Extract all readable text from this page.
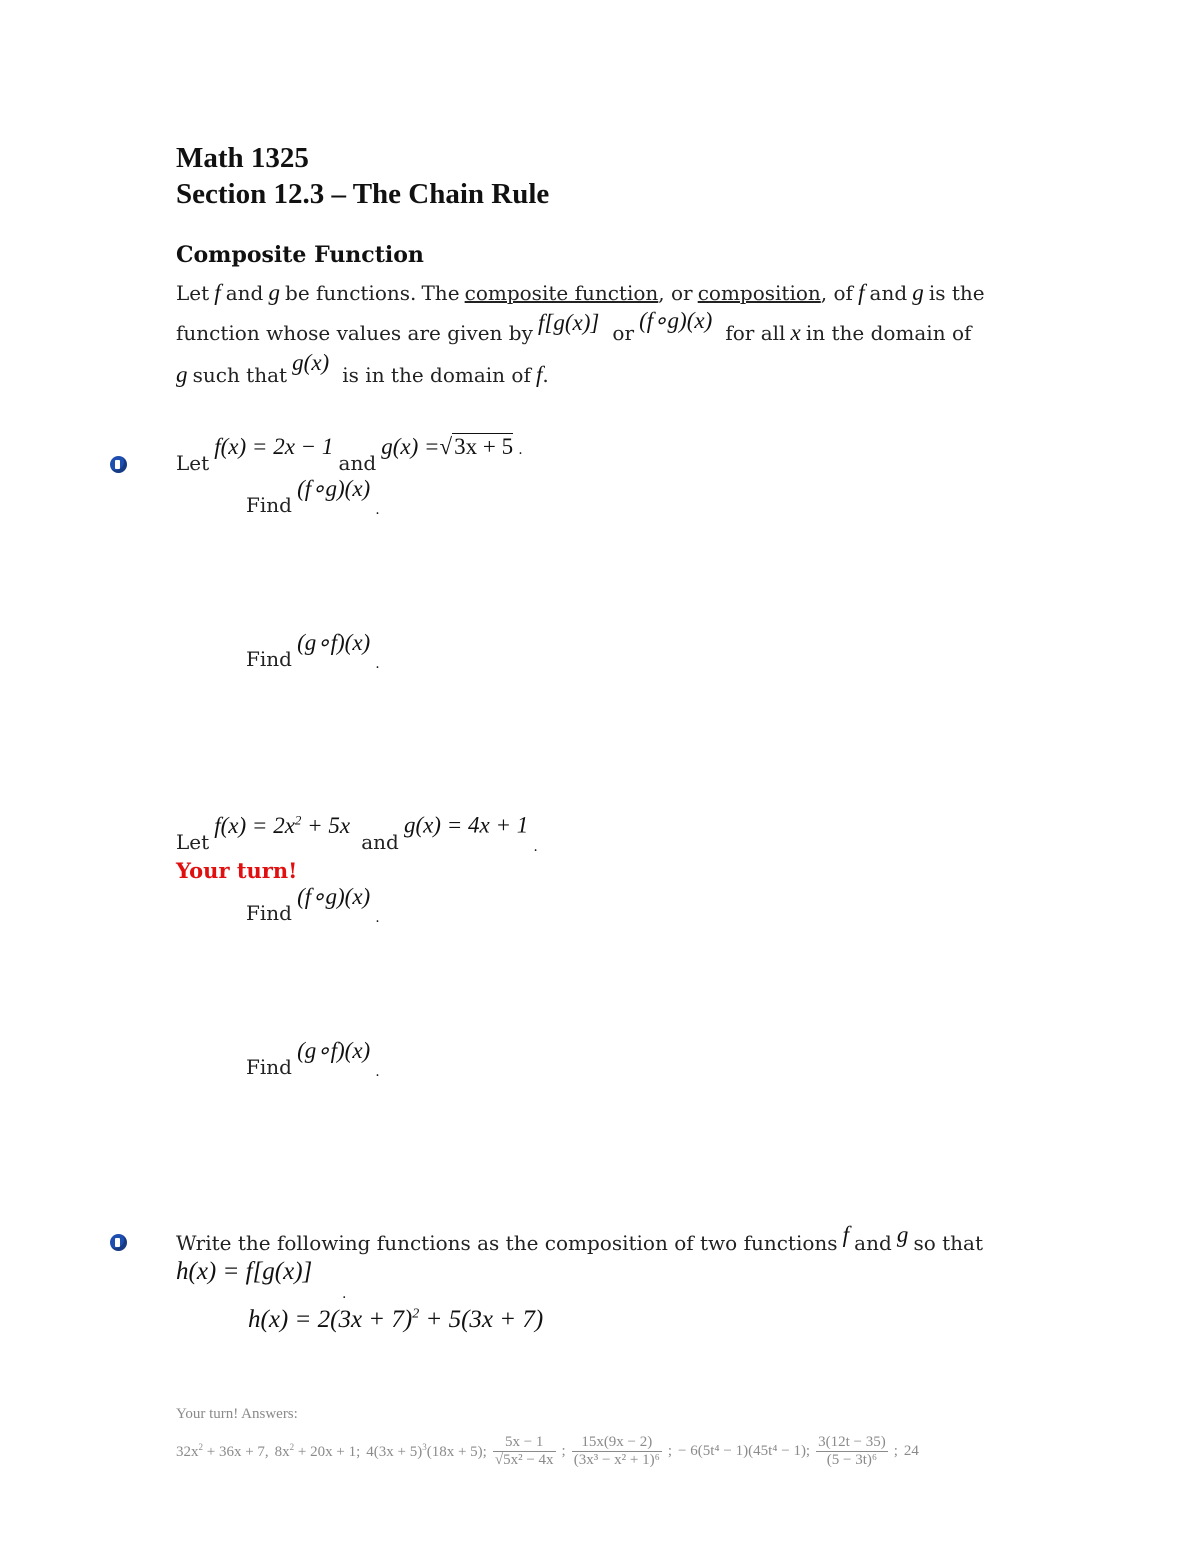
Math 1325
Section 12.3 – The Chain Rule
Composite Function
Let f and g be functions. The composite function, or composition, of f and g is the
function whose values are given by f[g(x)] or (f∘g)(x) for all x in the domain of
g such that g(x) is in the domain of f.
Let f(x) = 2x − 1 and g(x) =√3x + 5 .
Find (f∘g)(x) .
Find (g∘f)(x) .
Let $f(x) = 2x^2 + 5x$ and g(x) = 4x + 1 .
Your turn!
Find (f∘g)(x) .
Find (g∘f)(x) .
Write the following functions as the composition of two functions f and g so that
h(x) = f[g(x)]
.
$h(x) = 2(3x + 7)^2 + 5(3x + 7)$
Your turn! Answers:
$32x^2 + 36x + 7$, $8x^2 + 20x + 1$; $4(3x + 5)^3(18x + 5)$; $\frac{5x - 1}{\text{√5x² − 4x}}$ ; $\frac{15x(9x - 2)}{\text{(3x³ − x² + 1)⁶}}$ ; − 6(5t⁴ − 1)(45t⁴ − 1); $\frac{3(12t - 35)}{\text{(5 − 3t)⁶}}$ ; 24
